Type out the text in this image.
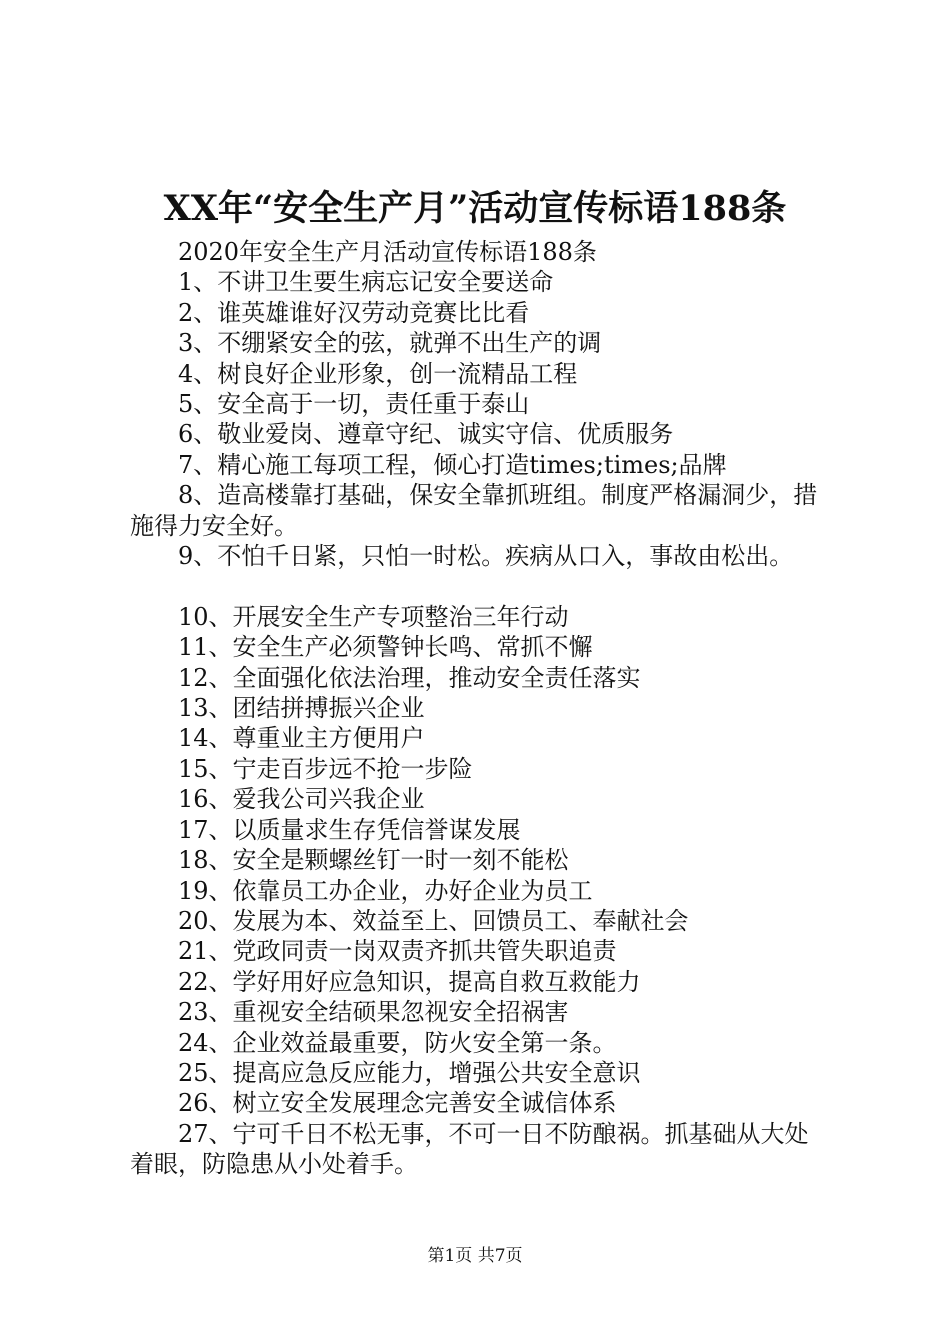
XX年“安全生产月”活动宣传标语188条

2020年安全生产月活动宣传标语188条

1、不讲卫生要生病忘记安全要送命

2、谁英雄谁好汉劳动竞赛比比看

3、不绷紧安全的弦，就弹不出生产的调

4、树良好企业形象，创一流精品工程

5、安全高于一切，责任重于泰山

6、敬业爱岗、遵章守纪、诚实守信、优质服务

7、精心施工每项工程，倾心打造times;times;品牌

8、造高楼靠打基础，保安全靠抓班组。制度严格漏洞少，措施得力安全好。

9、不怕千日紧，只怕一时松。疾病从口入，事故由松出。

10、开展安全生产专项整治三年行动

11、安全生产必须警钟长鸣、常抓不懈

12、全面强化依法治理，推动安全责任落实

13、团结拼搏振兴企业

14、尊重业主方便用户

15、宁走百步远不抢一步险

16、爱我公司兴我企业

17、以质量求生存凭信誉谋发展

18、安全是颗螺丝钉一时一刻不能松

19、依靠员工办企业，办好企业为员工

20、发展为本、效益至上、回馈员工、奉献社会

21、党政同责一岗双责齐抓共管失职追责

22、学好用好应急知识，提高自救互救能力

23、重视安全结硕果忽视安全招祸害

24、企业效益最重要，防火安全第一条。

25、提高应急反应能力，增强公共安全意识

26、树立安全发展理念完善安全诚信体系

27、宁可千日不松无事，不可一日不防酿祸。抓基础从大处着眼，防隐患从小处着手。

第1页 共7页
